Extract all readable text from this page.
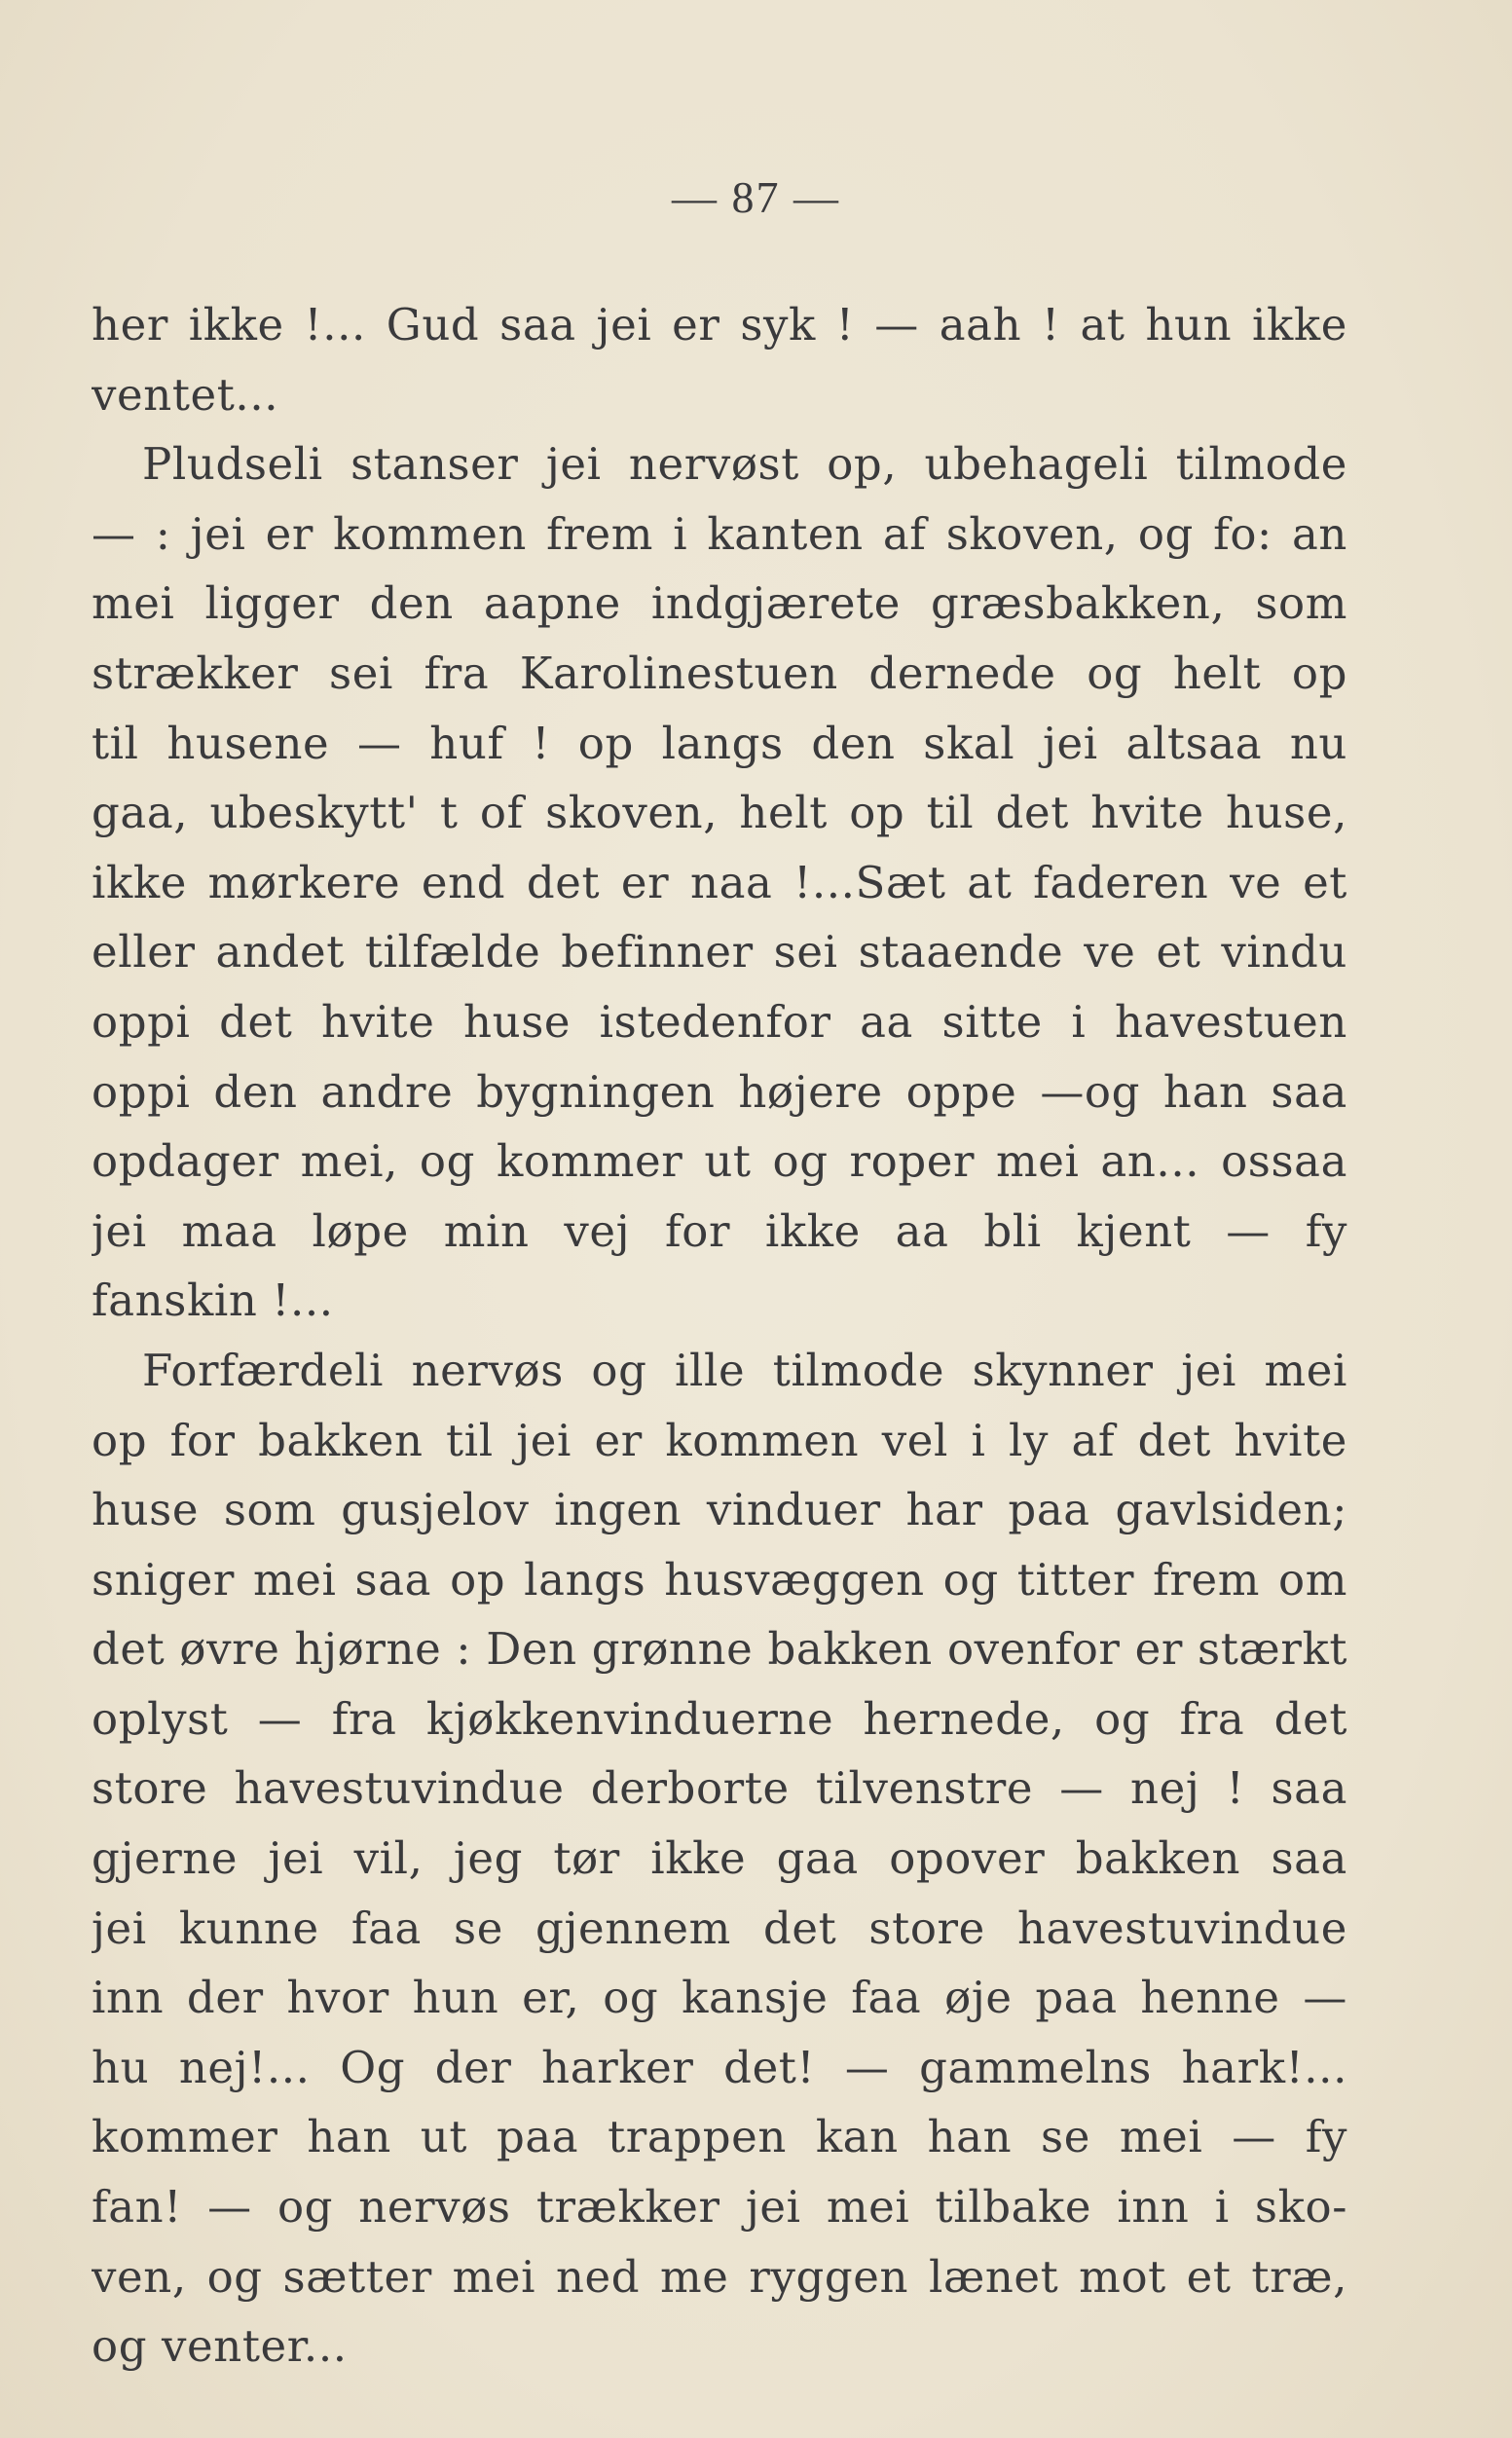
— 87 —
her ikke !... Gud saa jei er syk ! — aah ! at hun ikke
ventet...
Pludseli stanser jei nervøst op, ubehageli tilmode
— : jei er kommen frem i kanten af skoven, og fo: an
mei ligger den aapne indgjærete græsbakken, som
strækker sei fra Karolinestuen dernede og helt op
til husene — huf ! op langs den skal jei altsaa nu
gaa, ubeskytt' t of skoven, helt op til det hvite huse,
ikke mørkere end det er naa !...Sæt at faderen ve et
eller andet tilfælde befinner sei staaende ve et vindu
oppi det hvite huse istedenfor aa sitte i havestuen
oppi den andre bygningen højere oppe —og han saa
opdager mei, og kommer ut og roper mei an... ossaa
jei maa løpe min vej for ikke aa bli kjent — fy
fanskin !...
Forfærdeli nervøs og ille tilmode skynner jei mei
op for bakken til jei er kommen vel i ly af det hvite
huse som gusjelov ingen vinduer har paa gavlsiden;
sniger mei saa op langs husvæggen og titter frem om
det øvre hjørne : Den grønne bakken ovenfor er stærkt
oplyst — fra kjøkkenvinduerne hernede, og fra det
store havestuvindue derborte tilvenstre — nej ! saa
gjerne jei vil, jeg tør ikke gaa opover bakken saa
jei kunne faa se gjennem det store havestuvindue
inn der hvor hun er, og kansje faa øje paa henne —
hu nej!... Og der harker det! — gammelns hark!...
kommer han ut paa trappen kan han se mei — fy
fan! — og nervøs trækker jei mei tilbake inn i sko-
ven, og sætter mei ned me ryggen lænet mot et træ,
og venter...
